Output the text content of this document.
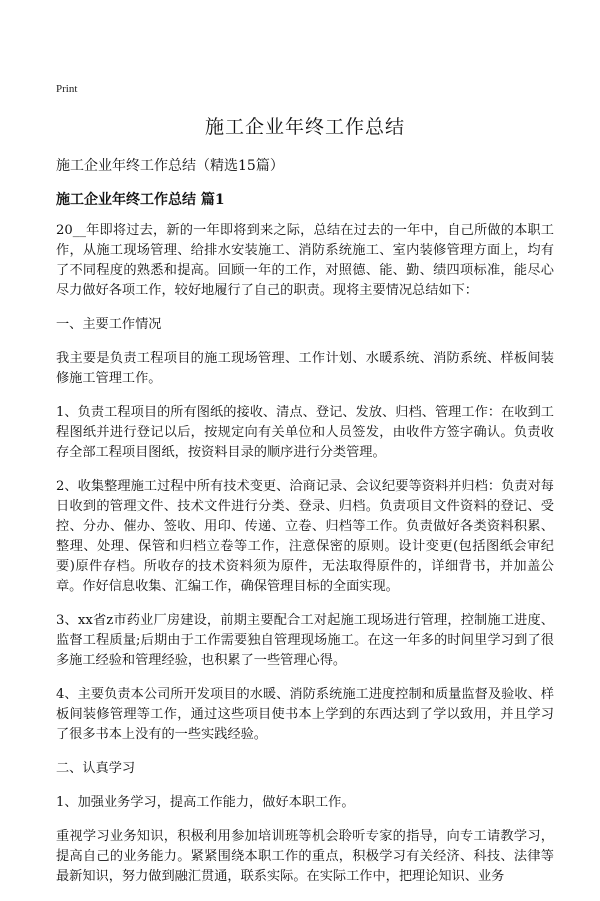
Print
施工企业年终工作总结

施工企业年终工作总结（精选15篇）

施工企业年终工作总结 篇1

20__年即将过去，新的一年即将到来之际，总结在过去的一年中，自己所做的本职工作，从施工现场管理、给排水安装施工、消防系统施工、室内装修管理方面上，均有了不同程度的熟悉和提高。回顾一年的工作，对照德、能、勤、绩四项标准，能尽心尽力做好各项工作，较好地履行了自己的职责。现将主要情况总结如下：

一、主要工作情况

我主要是负责工程项目的施工现场管理、工作计划、水暖系统、消防系统、样板间装修施工管理工作。

1、负责工程项目的所有图纸的接收、清点、登记、发放、归档、管理工作：在收到工程图纸并进行登记以后，按规定向有关单位和人员签发，由收件方签字确认。负责收存全部工程项目图纸，按资料目录的顺序进行分类管理。

2、收集整理施工过程中所有技术变更、洽商记录、会议纪要等资料并归档：负责对每日收到的管理文件、技术文件进行分类、登录、归档。负责项目文件资料的登记、受控、分办、催办、签收、用印、传递、立卷、归档等工作。负责做好各类资料积累、整理、处理、保管和归档立卷等工作，注意保密的原则。设计变更(包括图纸会审纪要)原件存档。所收存的技术资料须为原件，无法取得原件的，详细背书，并加盖公章。作好信息收集、汇编工作，确保管理目标的全面实现。

3、xx省z市药业厂房建设，前期主要配合工对起施工现场进行管理，控制施工进度、监督工程质量;后期由于工作需要独自管理现场施工。在这一年多的时间里学习到了很多施工经验和管理经验，也积累了一些管理心得。

4、主要负责本公司所开发项目的水暖、消防系统施工进度控制和质量监督及验收、样板间装修管理等工作，通过这些项目使书本上学到的东西达到了学以致用，并且学习了很多书本上没有的一些实践经验。

二、认真学习

1、加强业务学习，提高工作能力，做好本职工作。

重视学习业务知识，积极利用参加培训班等机会聆听专家的指导，向专工请教学习，提高自己的业务能力。紧紧围绕本职工作的重点，积极学习有关经济、科技、法律等最新知识，努力做到融汇贯通，联系实际。在实际工作中，把理论知识、业务
